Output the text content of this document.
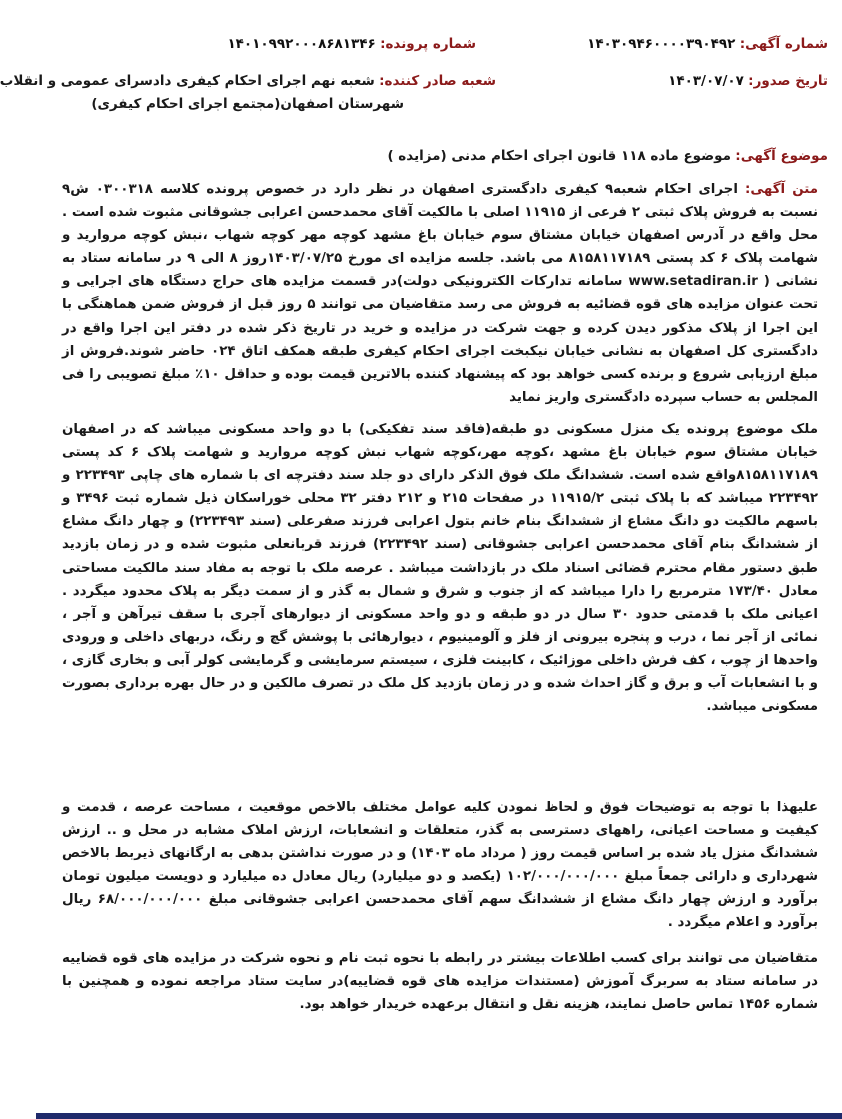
شماره آگهی: ۱۴۰۳۰۹۴۶۰۰۰۰۳۹۰۴۹۲
شماره پرونده: ۱۴۰۱۰۹۹۲۰۰۰۸۶۸۱۳۴۶
تاریخ صدور: ۱۴۰۳/۰۷/۰۷
شعبه صادر کننده: شعبه نهم اجرای احکام کیفری دادسرای عمومی و انقلاب
شهرستان اصفهان(مجتمع اجرای احکام کیفری)
موضوع آگهی: موضوع ماده ۱۱۸ قانون اجرای احکام مدنی (مزایده )
متن آگهی: اجرای احکام شعبه۹ کیفری دادگستری اصفهان در نظر دارد در خصوص پرونده کلاسه ۰۳۰۰۳۱۸ ش۹ نسبت به فروش پلاک ثبتی ۲ فرعی از ۱۱۹۱۵ اصلی با مالکیت آقای محمدحسن اعرابی جشوقانی مثبوت شده است . محل واقع در آدرس اصفهان خیابان مشتاق سوم خیابان باغ مشهد کوچه مهر کوچه شهاب ،نبش کوچه مروارید و شهامت پلاک ۶ کد پستی ۸۱۵۸۱۱۷۱۸۹ می باشد. جلسه مزایده ای مورخ ۱۴۰۳/۰۷/۲۵روز ۸ الی ۹ در سامانه ستاد به نشانی ( www.setadiran.ir سامانه تدارکات الکترونیکی دولت)در قسمت مزایده های حراج دستگاه های اجرایی و تحت عنوان مزایده های قوه قضائیه به فروش می رسد متقاضیان می توانند ۵ روز قبل از فروش ضمن هماهنگی با این اجرا از پلاک مذکور دیدن کرده و جهت شرکت در مزایده و خرید در تاریخ ذکر شده در دفتر این اجرا واقع در دادگستری کل اصفهان به نشانی خیابان نیکبخت اجرای احکام کیفری طبقه همکف اتاق ۰۲۴ حاضر شوند.فروش از مبلغ ارزیابی شروع و برنده کسی خواهد بود که پیشنهاد کننده بالاترین قیمت بوده و حداقل ۱۰٪ مبلغ تصویبی را فی المجلس به حساب سپرده دادگستری واریز نماید
ملک موضوع پرونده یک منزل مسکونی دو طبقه(فاقد سند تفکیکی) با دو واحد مسکونی میباشد که در اصفهان خیابان مشتاق سوم خیابان باغ مشهد ،کوچه مهر،کوچه شهاب نبش کوچه مروارید و شهامت پلاک ۶ کد پستی ۸۱۵۸۱۱۷۱۸۹واقع شده است. ششدانگ ملک فوق الذکر دارای دو جلد سند دفترچه ای با شماره های چاپی ۲۲۳۴۹۳ و ۲۲۳۴۹۲ میباشد که با پلاک ثبتی ۱۱۹۱۵/۲ در صفحات ۲۱۵ و ۲۱۲ دفتر ۳۲ محلی خوراسکان ذیل شماره ثبت ۳۴۹۶ و باسهم مالکیت دو دانگ مشاع از ششدانگ بنام خانم بتول اعرابی فرزند صفرعلی (سند ۲۲۳۴۹۳) و چهار دانگ مشاع از ششدانگ بنام آقای محمدحسن اعرابی جشوقانی (سند ۲۲۳۴۹۲) فرزند قربانعلی مثبوت شده و در زمان بازدید طبق دستور مقام محترم قضائی اسناد ملک در بازداشت میباشد . عرصه ملک با توجه به مفاد سند مالکیت مساحتی معادل ۱۷۳/۴۰ مترمربع را دارا میباشد که از جنوب و شرق و شمال به گذر و از سمت دیگر به پلاک محدود میگردد . اعیانی ملک با قدمتی حدود ۳۰ سال در دو طبقه و دو واحد مسکونی از دیوارهای آجری با سقف تیرآهن و آجر ، نمائی از آجر نما ، درب و پنجره بیرونی از فلز و آلومینیوم ، دیوارهائی با پوشش گچ و رنگ، دربهای داخلی و ورودی واحدها از چوب ، کف فرش داخلی موزائیک ، کابینت فلزی ، سیستم سرمایشی و گرمایشی کولر آبی و بخاری گازی ، و با انشعابات آب و برق و گاز احداث شده و در زمان بازدید کل ملک در تصرف مالکین و در حال بهره برداری بصورت مسکونی میباشد.
علیهذا با توجه به توضیحات فوق و لحاظ نمودن کلیه عوامل مختلف بالاخص موقعیت ، مساحت عرصه ، قدمت و کیفیت و مساحت اعیانی، راههای دسترسی به گذر، متعلقات و انشعابات، ارزش املاک مشابه در محل و .. ارزش ششدانگ منزل یاد شده بر اساس قیمت روز ( مرداد ماه ۱۴۰۳) و در صورت نداشتن بدهی به ارگانهای ذیربط بالاخص شهرداری و دارائی جمعاً مبلغ ۱۰۲/۰۰۰/۰۰۰/۰۰۰ (یکصد و دو میلیارد) ریال معادل ده میلیارد و دویست میلیون تومان برآورد و ارزش چهار دانگ مشاع از ششدانگ سهم آقای محمدحسن اعرابی جشوقانی مبلغ ۶۸/۰۰۰/۰۰۰/۰۰۰ ریال برآورد و اعلام میگردد .
متقاضیان می توانند برای کسب اطلاعات بیشتر در رابطه با نحوه ثبت نام و نحوه شرکت در مزایده های قوه قضاییه در سامانه ستاد به سربرگ آموزش (مستندات مزایده های قوه قضاییه)در سایت ستاد مراجعه نموده و همچنین با شماره ۱۴۵۶ تماس حاصل نمایند، هزینه نقل و انتقال برعهده خریدار خواهد بود.
